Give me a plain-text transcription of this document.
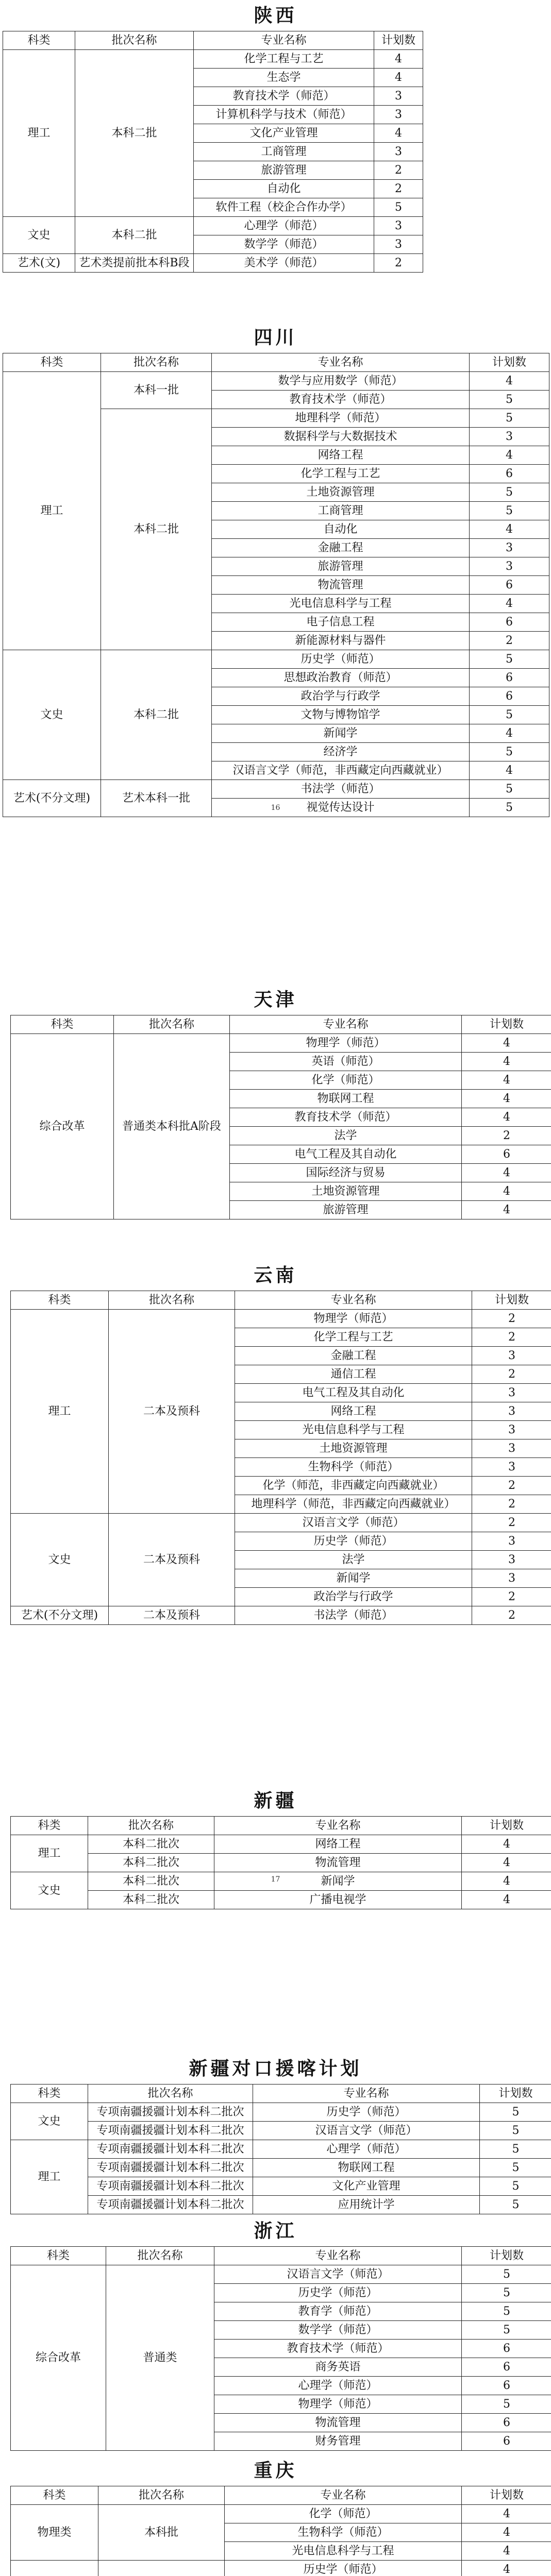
陕西
科类	批次名称	专业名称	计划数
理工	本科二批	化学工程与工艺	4
		生态学	4
		教育技术学（师范）	3
		计算机科学与技术（师范）	3
		文化产业管理	4
		工商管理	3
		旅游管理	2
		自动化	2
		软件工程（校企合作办学）	5
文史	本科二批	心理学（师范）	3
		数学学（师范）	3
艺术(文)	艺术类提前批本科B段	美术学（师范）	2
四川
科类	批次名称	专业名称	计划数
理工	本科一批	数学与应用数学（师范）	4
		教育技术学（师范）	5
	本科二批	地理科学（师范）	5
		数据科学与大数据技术	3
		网络工程	4
		化学工程与工艺	6
		土地资源管理	5
		工商管理	5
		自动化	4
		金融工程	3
		旅游管理	3
		物流管理	6
		光电信息科学与工程	4
		电子信息工程	6
		新能源材料与器件	2
文史	本科二批	历史学（师范）	5
		思想政治教育（师范）	6
		政治学与行政学	6
		文物与博物馆学	5
		新闻学	4
		经济学	5
		汉语言文学（师范，非西藏定向西藏就业）	4
艺术(不分文理)	艺术本科一批	书法学（师范）	5
		视觉传达设计	5
16
天津
科类	批次名称	专业名称	计划数
综合改革	普通类本科批A阶段	物理学（师范）	4
		英语（师范）	4
		化学（师范）	4
		物联网工程	4
		教育技术学（师范）	4
		法学	2
		电气工程及其自动化	6
		国际经济与贸易	4
		土地资源管理	4
		旅游管理	4
云南
科类	批次名称	专业名称	计划数
理工	二本及预科	物理学（师范）	2
		化学工程与工艺	2
		金融工程	3
		通信工程	2
		电气工程及其自动化	3
		网络工程	3
		光电信息科学与工程	3
		土地资源管理	3
		生物科学（师范）	3
		化学（师范，非西藏定向西藏就业）	2
		地理科学（师范，非西藏定向西藏就业）	2
文史	二本及预科	汉语言文学（师范）	2
		历史学（师范）	3
		法学	3
		新闻学	3
		政治学与行政学	2
艺术(不分文理)	二本及预科	书法学（师范）	2
新疆
科类	批次名称	专业名称	计划数
理工	本科二批次	网络工程	4
	本科二批次	物流管理	4
文史	本科二批次	新闻学	4
	本科二批次	广播电视学	4
17
新疆对口援喀计划
科类	批次名称	专业名称	计划数
文史	专项南疆援疆计划本科二批次	历史学（师范）	5
	专项南疆援疆计划本科二批次	汉语言文学（师范）	5
理工	专项南疆援疆计划本科二批次	心理学（师范）	5
	专项南疆援疆计划本科二批次	物联网工程	5
	专项南疆援疆计划本科二批次	文化产业管理	5
	专项南疆援疆计划本科二批次	应用统计学	5
浙江
科类	批次名称	专业名称	计划数
综合改革	普通类	汉语言文学（师范）	5
		历史学（师范）	5
		教育学（师范）	5
		数学学（师范）	5
		教育技术学（师范）	6
		商务英语	6
		心理学（师范）	6
		物理学（师范）	5
		物流管理	6
		财务管理	6
重庆
科类	批次名称	专业名称	计划数
物理类	本科批	化学（师范）	4
		生物科学（师范）	4
		光电信息科学与工程	4
		历史学（师范）	4
